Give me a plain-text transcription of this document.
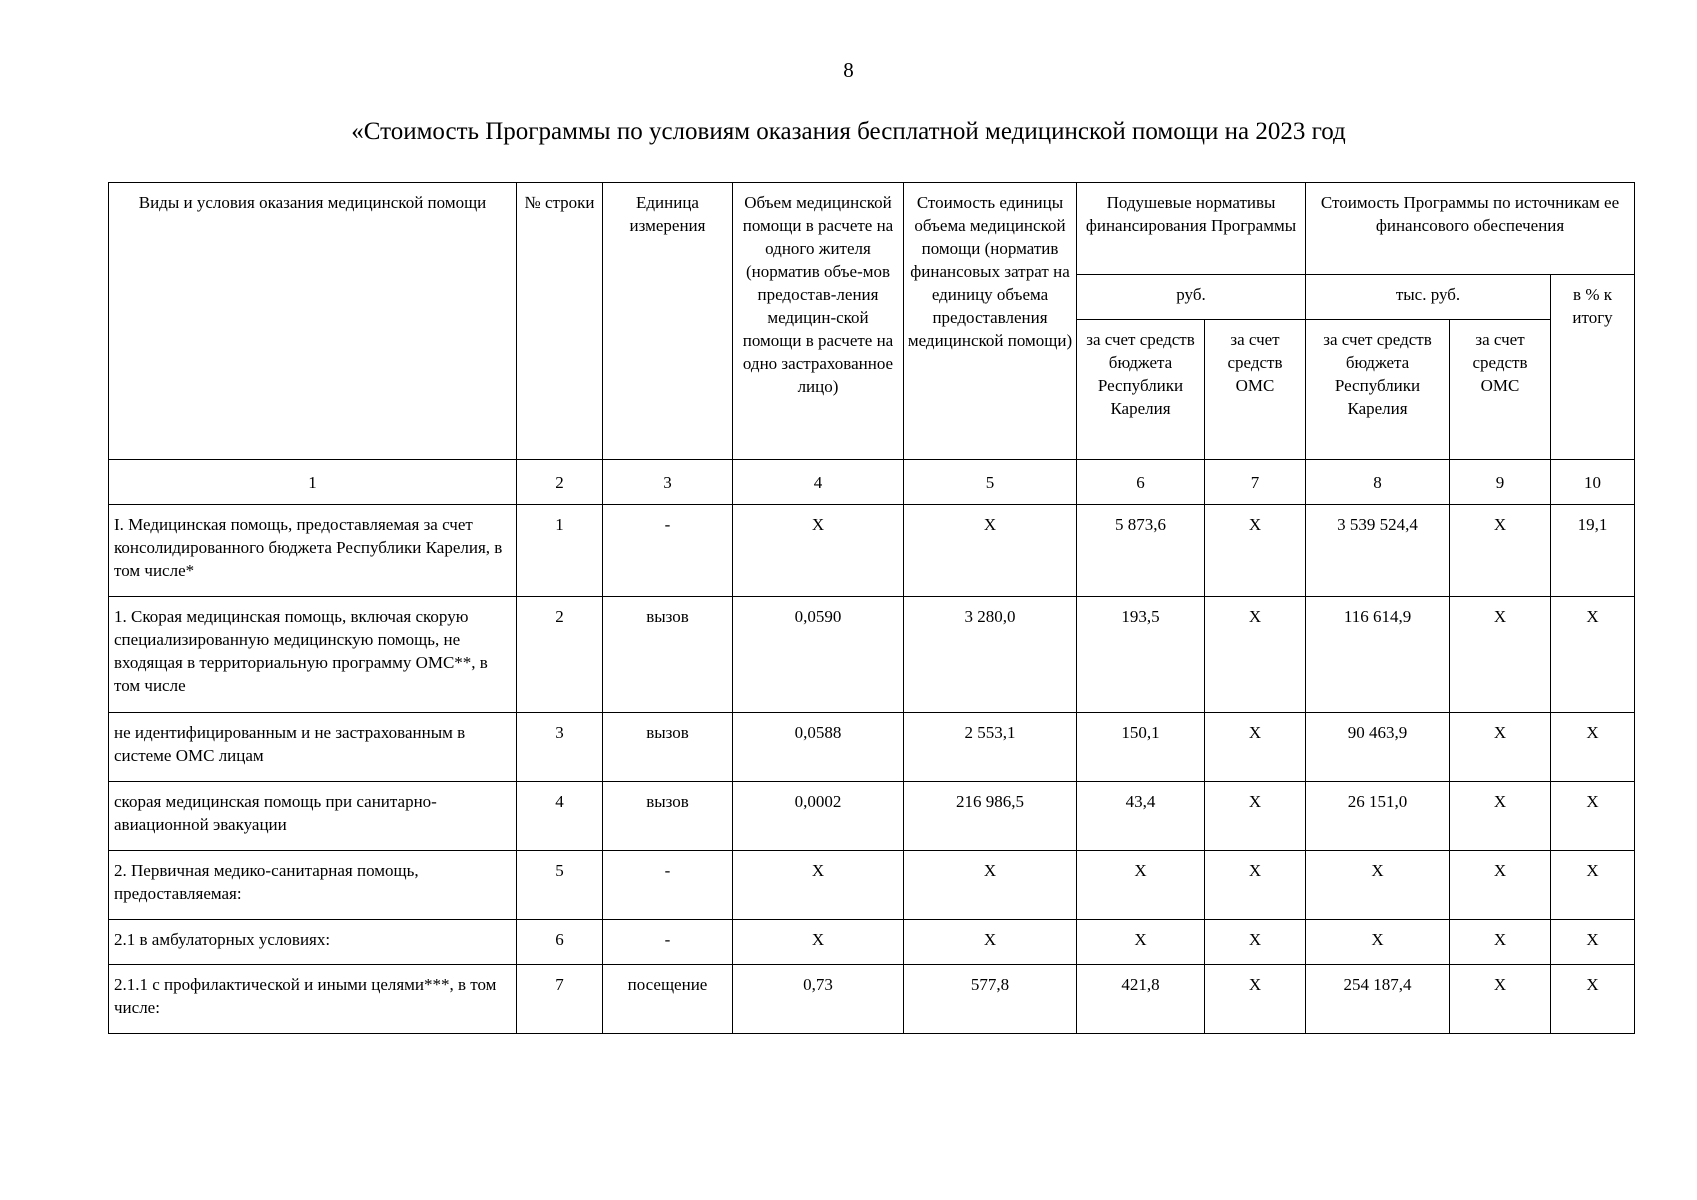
8
«Стоимость Программы по условиям оказания бесплатной медицинской помощи на 2023 год
Виды и условия оказания медицинской помощи	№ строки	Единица измерения	Объем медицинской помощи в расчете на одного жителя (норматив объе-мов предостав-ления медицин-ской помощи в расчете на одно застрахованное лицо)	Стоимость единицы объема медицинской помощи (норматив финансовых затрат на единицу объема предоставления медицинской помощи)	Подушевые нормативы финансирования Программы		Стоимость Программы по источникам ее финансового обеспечения		
					руб.		тыс. руб.		в % к итогу
					за счет средств бюджета Республики Карелия	за счет средств ОМС	за счет средств бюджета Республики Карелия	за счет средств ОМС	
1	2	3	4	5	6	7	8	9	10
I. Медицинская помощь, предоставляемая за счет консолидированного бюджета Республики Карелия, в том числе*	1	-	Х	Х	5 873,6	Х	3 539 524,4	Х	19,1
1. Скорая медицинская помощь, включая скорую специализированную медицинскую помощь, не входящая в территориальную программу ОМС**, в том числе	2	вызов	0,0590	3 280,0	193,5	Х	116 614,9	Х	Х
не идентифицированным и не застрахованным в системе ОМС лицам	3	вызов	0,0588	2 553,1	150,1	Х	90 463,9	Х	Х
скорая медицинская помощь при санитарно-авиационной эвакуации	4	вызов	0,0002	216 986,5	43,4	Х	26 151,0	Х	Х
2. Первичная медико-санитарная помощь, предоставляемая:	5	-	Х	Х	Х	Х	Х	Х	Х
2.1 в амбулаторных условиях:	6	-	Х	Х	Х	Х	Х	Х	Х
2.1.1 с профилактической и иными целями***, в том числе:	7	посещение	0,73	577,8	421,8	Х	254 187,4	Х	Х
